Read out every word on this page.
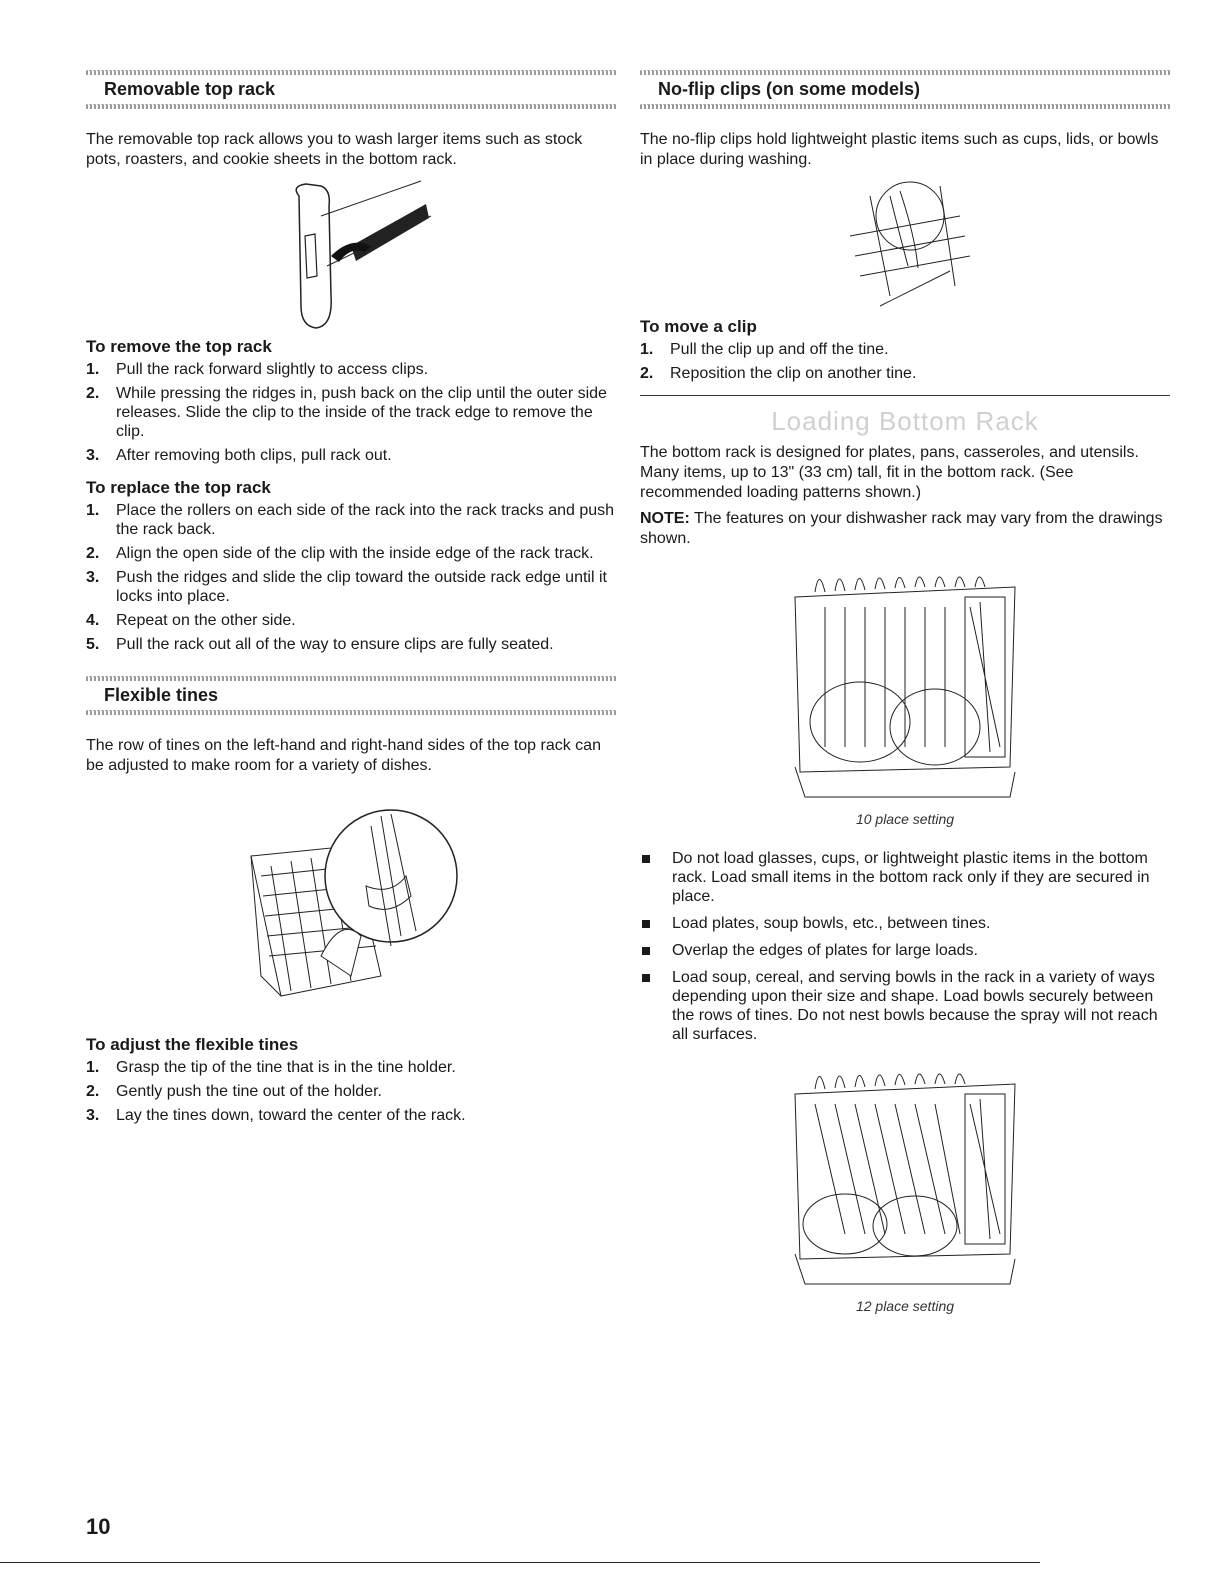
Removable top rack

The removable top rack allows you to wash larger items such as stock pots, roasters, and cookie sheets in the bottom rack.

To remove the top rack
1. Pull the rack forward slightly to access clips.
2. While pressing the ridges in, push back on the clip until the outer side releases. Slide the clip to the inside of the track edge to remove the clip.
3. After removing both clips, pull rack out.
To replace the top rack
1. Place the rollers on each side of the rack into the rack tracks and push the rack back.
2. Align the open side of the clip with the inside edge of the rack track.
3. Push the ridges and slide the clip toward the outside rack edge until it locks into place.
4. Repeat on the other side.
5. Pull the rack out all of the way to ensure clips are fully seated.
Flexible tines

The row of tines on the left-hand and right-hand sides of the top rack can be adjusted to make room for a variety of dishes.

To adjust the flexible tines
1. Grasp the tip of the tine that is in the tine holder.
2. Gently push the tine out of the holder.
3. Lay the tines down, toward the center of the rack.
No-flip clips (on some models)

The no-flip clips hold lightweight plastic items such as cups, lids, or bowls in place during washing.

To move a clip
1. Pull the clip up and off the tine.
2. Reposition the clip on another tine.
Loading Bottom Rack

The bottom rack is designed for plates, pans, casseroles, and utensils. Many items, up to 13" (33 cm) tall, fit in the bottom rack. (See recommended loading patterns shown.)

NOTE: The features on your dishwasher rack may vary from the drawings shown.

10 place setting
Do not load glasses, cups, or lightweight plastic items in the bottom rack. Load small items in the bottom rack only if they are secured in place.
Load plates, soup bowls, etc., between tines.
Overlap the edges of plates for large loads.
Load soup, cereal, and serving bowls in the rack in a variety of ways depending upon their size and shape. Load bowls securely between the rows of tines. Do not nest bowls because the spray will not reach all surfaces.
12 place setting
10
